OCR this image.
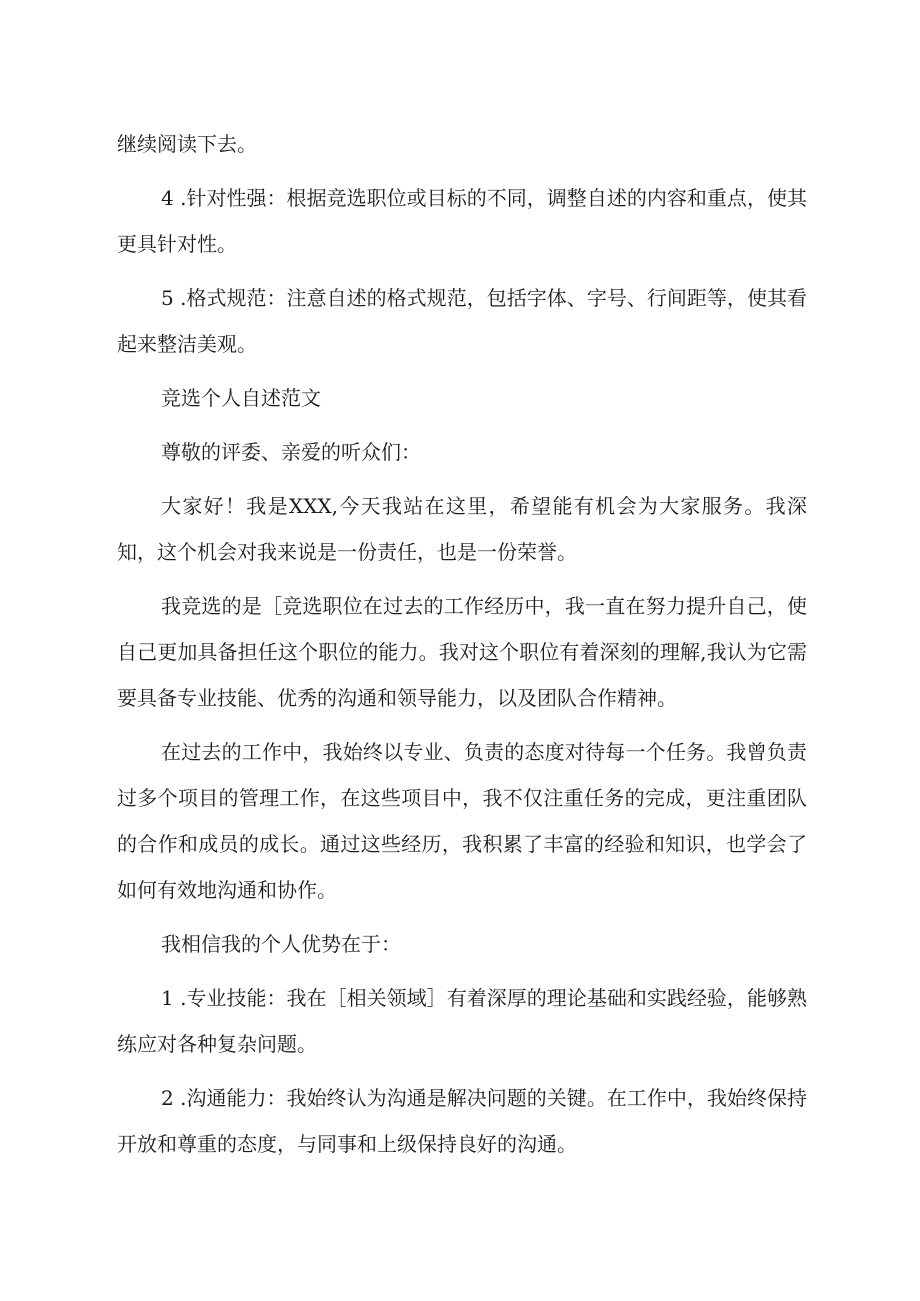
继续阅读下去。

4 .针对性强：根据竞选职位或目标的不同，调整自述的内容和重点，使其更具针对性。

5 .格式规范：注意自述的格式规范，包括字体、字号、行间距等，使其看起来整洁美观。

竞选个人自述范文

尊敬的评委、亲爱的听众们：

大家好！我是XXX,今天我站在这里，希望能有机会为大家服务。我深知，这个机会对我来说是一份责任，也是一份荣誉。

我竞选的是［竞选职位在过去的工作经历中，我一直在努力提升自己，使自己更加具备担任这个职位的能力。我对这个职位有着深刻的理解,我认为它需要具备专业技能、优秀的沟通和领导能力，以及团队合作精神。

在过去的工作中，我始终以专业、负责的态度对待每一个任务。我曾负责过多个项目的管理工作，在这些项目中，我不仅注重任务的完成，更注重团队的合作和成员的成长。通过这些经历，我积累了丰富的经验和知识，也学会了如何有效地沟通和协作。

我相信我的个人优势在于：

1 .专业技能：我在［相关领域］有着深厚的理论基础和实践经验，能够熟练应对各种复杂问题。

2 .沟通能力：我始终认为沟通是解决问题的关键。在工作中，我始终保持开放和尊重的态度，与同事和上级保持良好的沟通。
